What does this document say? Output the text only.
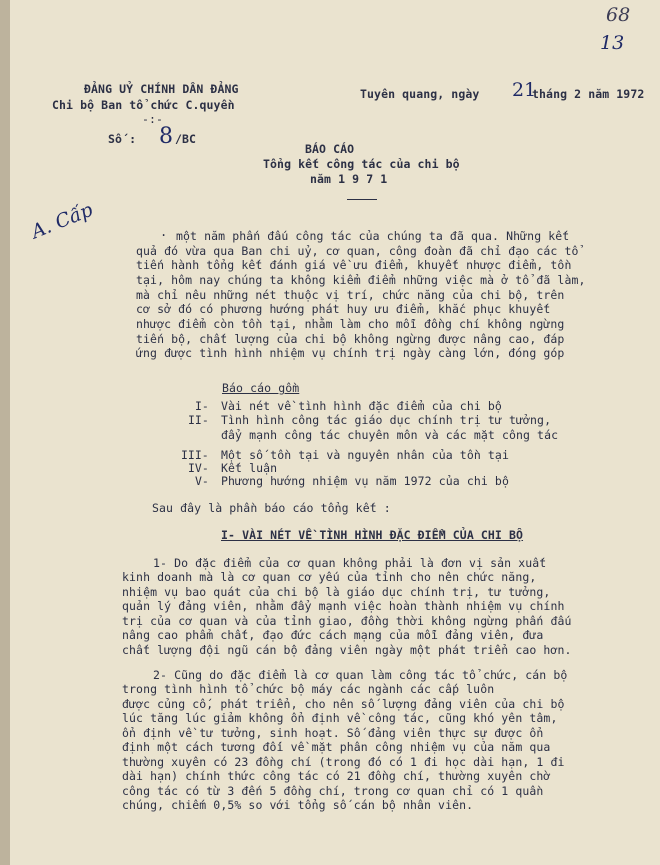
68
13
A. Cấp
ĐẢNG UỶ CHÍNH DÂN ĐẢNG
Chi bộ Ban tổ chức C.quyền
-:-
Số : 8 /BC
Tuyên quang, ngày 21
tháng 2 năm 1972
BÁO CÁO
Tổng kết công tác của chi bộ
năm 1 9 7 1
. một năm phấn đấu công tác của chúng ta đã qua. Những kết
quả đó vừa qua Ban chi uỷ, cơ quan, công đoàn đã chỉ đạo các tổ
tiến hành tổng kết đánh giá về ưu điểm, khuyết nhược điểm, tồn
tại, hôm nay chúng ta không kiểm điểm những việc mà ở tổ đã làm,
mà chỉ nêu những nét thuộc vị trí, chức năng của chi bộ, trên
cơ sở đó có phương hướng phát huy ưu điểm, khắc phục khuyết
nhược điểm còn tồn tại, nhằm làm cho mỗi đồng chí không ngừng
tiến bộ, chất lượng của chi bộ không ngừng được nâng cao, đáp
ứng được tình hình nhiệm vụ chính trị ngày càng lớn, đóng góp
Báo cáo gồm
I- Vài nét về tình hình đặc điểm của chi bộ
II- Tình hình công tác giáo dục chính trị tư tưởng,
đẩy mạnh công tác chuyên môn và các mặt công tác
III- Một số tồn tại và nguyên nhân của tồn tại
IV- Kết luận
V- Phương hướng nhiệm vụ năm 1972 của chi bộ
Sau đây là phần báo cáo tổng kết :
I- VÀI NÉT VỀ TÌNH HÌNH ĐẶC ĐIỂM CỦA CHI BỘ
1- Do đặc điểm của cơ quan không phải là đơn vị sản xuất
kinh doanh mà là cơ quan cơ yếu của tỉnh cho nên chức năng,
nhiệm vụ bao quát của chi bộ là giáo dục chính trị, tư tưởng,
quản lý đảng viên, nhằm đẩy mạnh việc hoàn thành nhiệm vụ chính
trị của cơ quan và của tỉnh giao, đồng thời không ngừng phấn đấu
nâng cao phẩm chất, đạo đức cách mạng của mỗi đảng viên, đưa
chất lượng đội ngũ cán bộ đảng viên ngày một phát triển cao hơn.
2- Cũng do đặc điểm là cơ quan làm công tác tổ chức, cán bộ
trong tình hình tổ chức bộ máy các ngành các cấp luôn
được củng cố, phát triển, cho nên số lượng đảng viên của chi bộ
lúc tăng lúc giảm không ổn định về công tác, cũng khó yên tâm,
ổn định về tư tưởng, sinh hoạt. Số đảng viên thực sự được ổn
định một cách tương đối về mặt phân công nhiệm vụ của năm qua
thường xuyên có 23 đồng chí (trong đó có 1 đi học dài hạn, 1 đi
dài hạn) chính thức công tác có 21 đồng chí, thường xuyên chờ
công tác có từ 3 đến 5 đồng chí, trong cơ quan chỉ có 1 quần
chúng, chiếm 0,5% so với tổng số cán bộ nhân viên.
